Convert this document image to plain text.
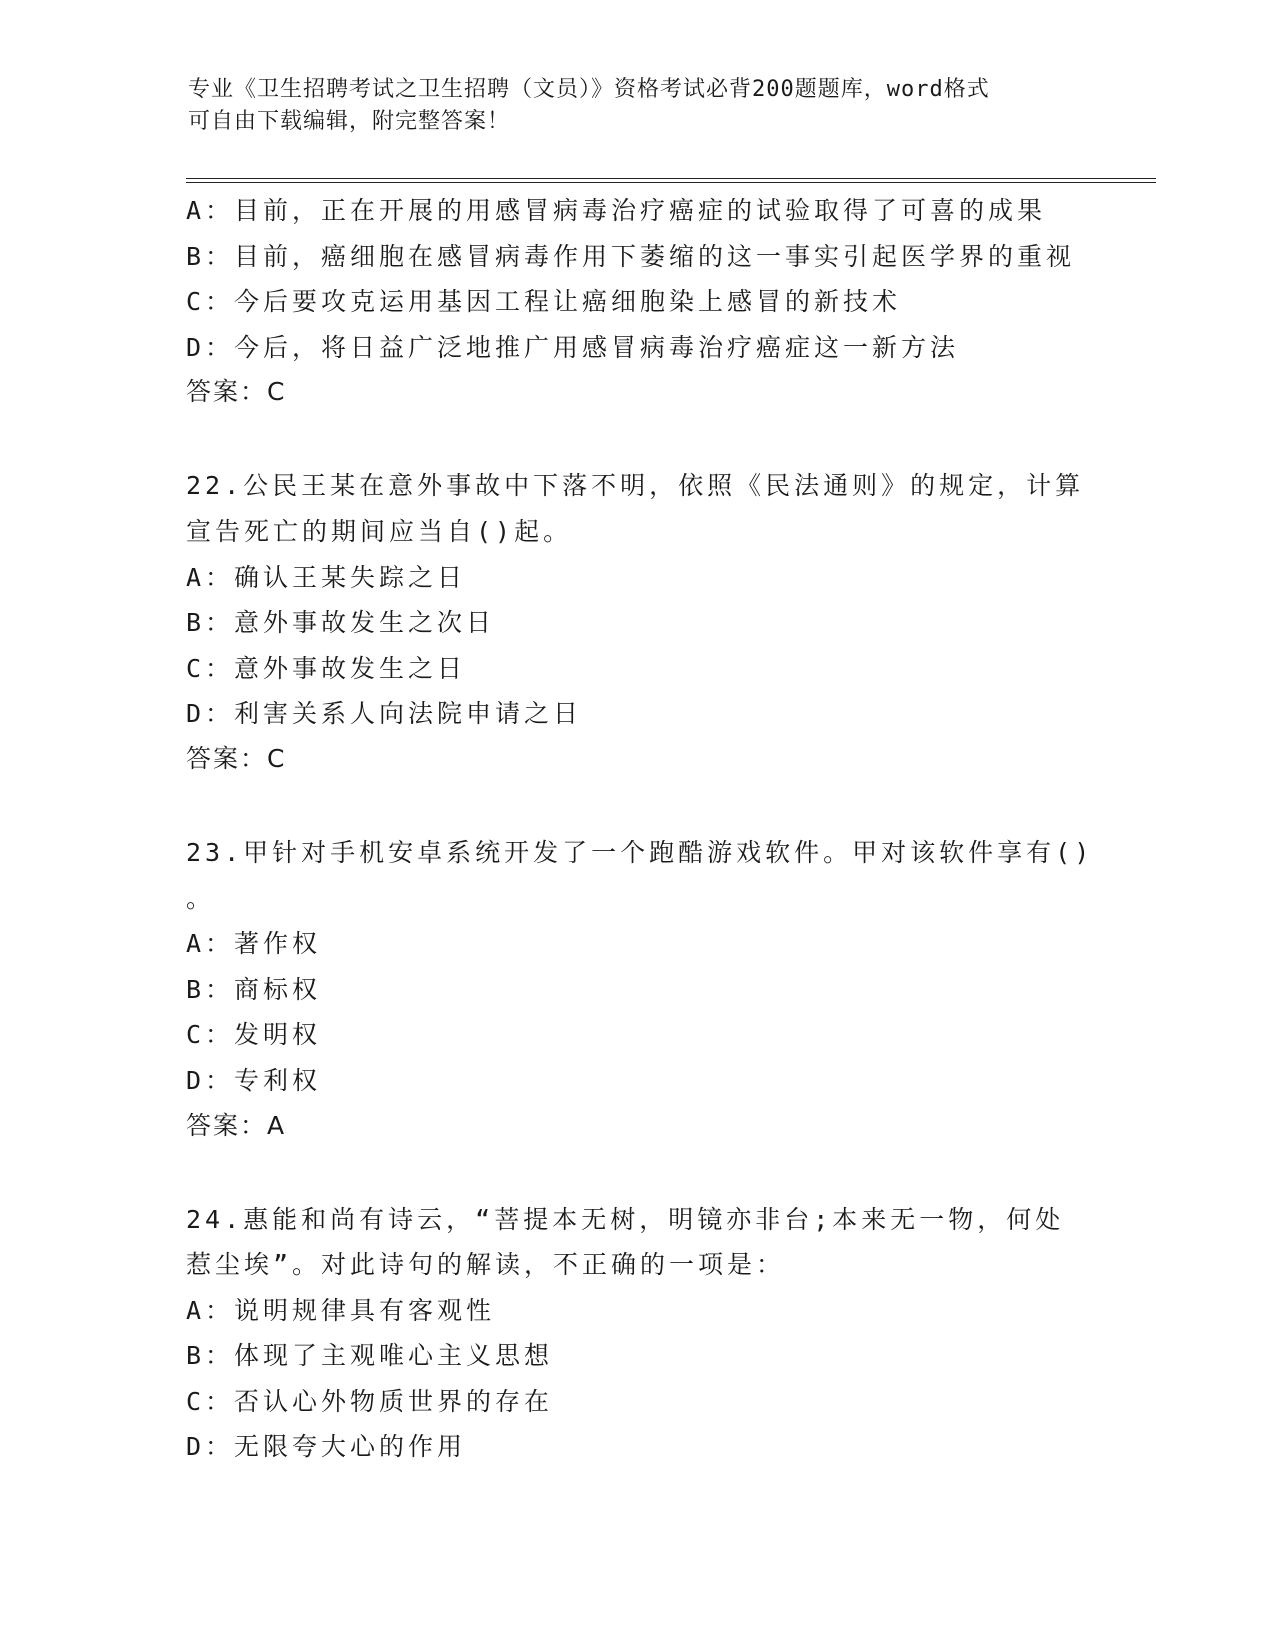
专业《卫生招聘考试之卫生招聘（文员）》资格考试必背200题题库，word格式
可自由下载编辑，附完整答案！
A：目前，正在开展的用感冒病毒治疗癌症的试验取得了可喜的成果
B：目前，癌细胞在感冒病毒作用下萎缩的这一事实引起医学界的重视
C：今后要攻克运用基因工程让癌细胞染上感冒的新技术
D：今后，将日益广泛地推广用感冒病毒治疗癌症这一新方法
答案：C
22.公民王某在意外事故中下落不明，依照《民法通则》的规定，计算
宣告死亡的期间应当自()起。
A：确认王某失踪之日
B：意外事故发生之次日
C：意外事故发生之日
D：利害关系人向法院申请之日
答案：C
23.甲针对手机安卓系统开发了一个跑酷游戏软件。甲对该软件享有()
。
A：著作权
B：商标权
C：发明权
D：专利权
答案：A
24.惠能和尚有诗云，“菩提本无树，明镜亦非台;本来无一物，何处
惹尘埃”。对此诗句的解读，不正确的一项是：
A：说明规律具有客观性
B：体现了主观唯心主义思想
C：否认心外物质世界的存在
D：无限夸大心的作用
